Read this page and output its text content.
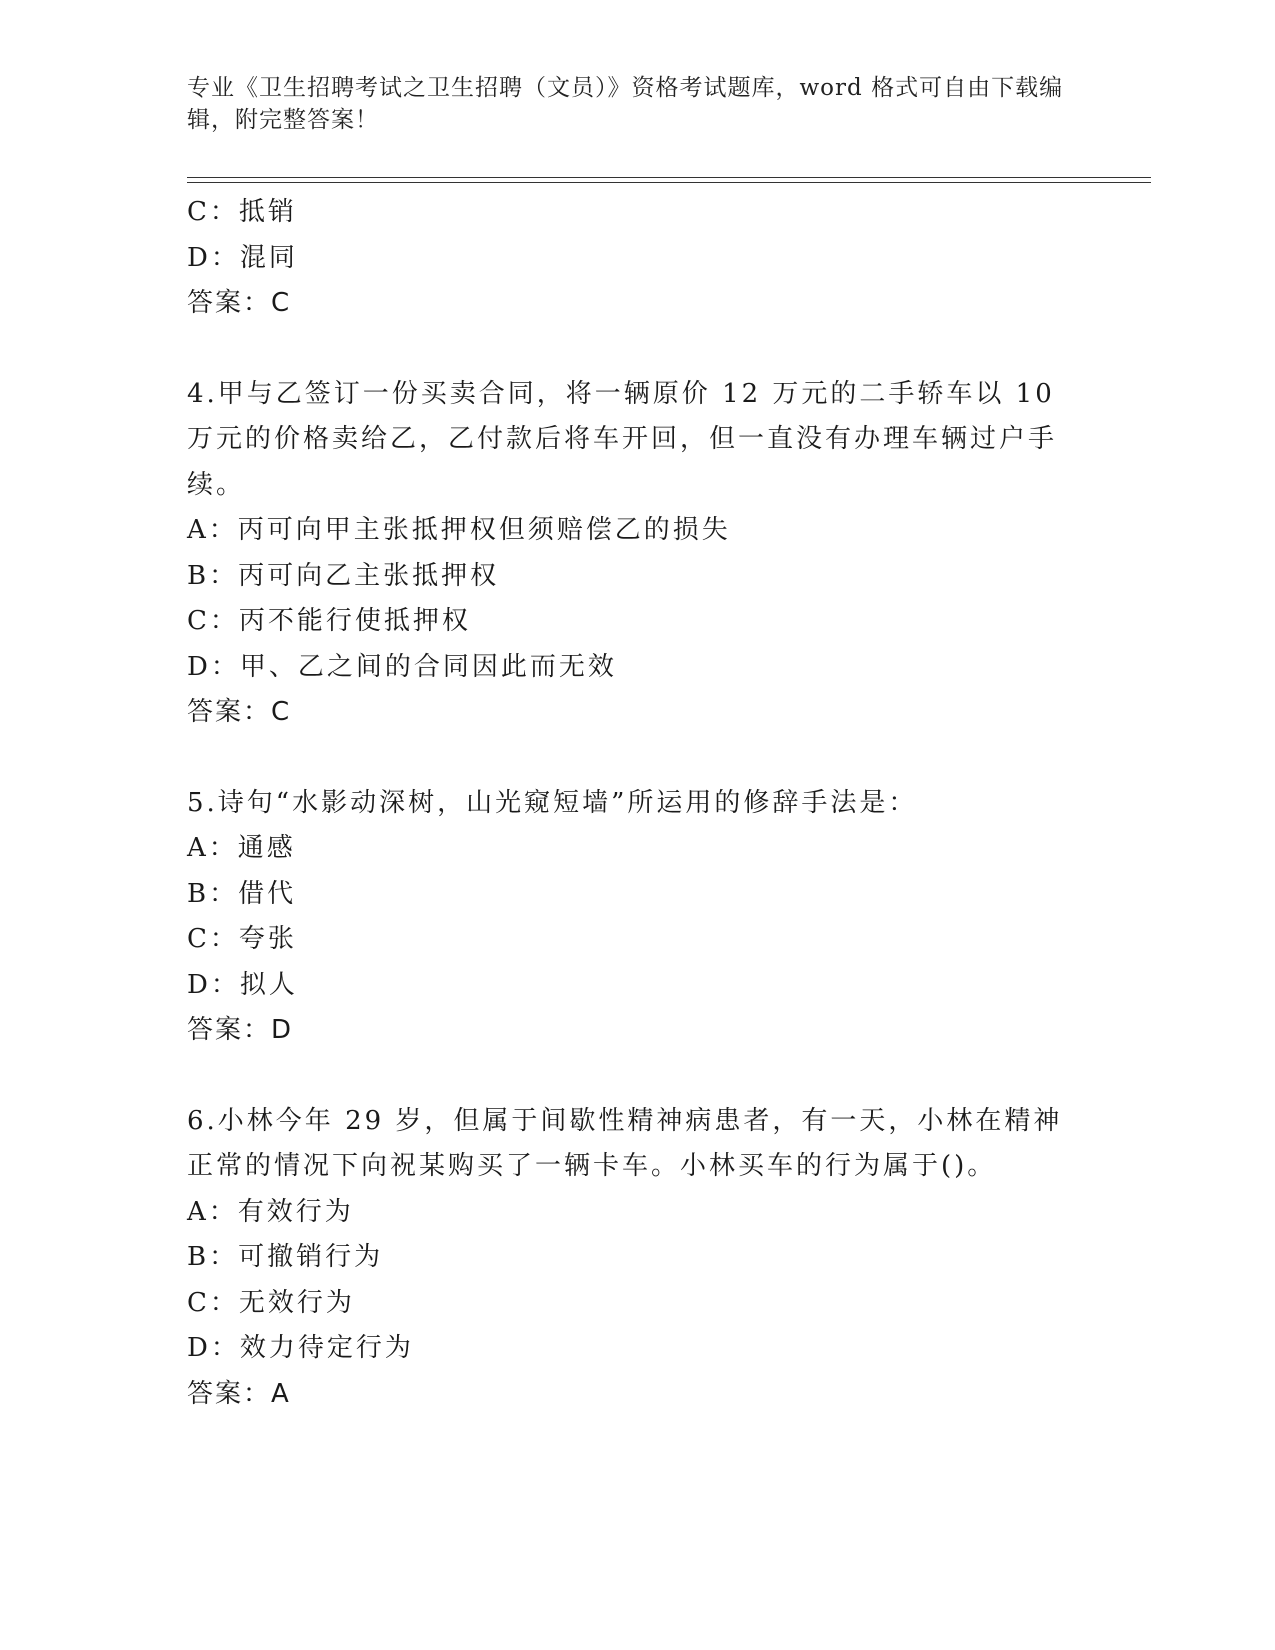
专业《卫生招聘考试之卫生招聘（文员）》资格考试题库，word 格式可自由下载编辑，附完整答案！
C：抵销
D：混同
答案：C
4.甲与乙签订一份买卖合同，将一辆原价 12 万元的二手轿车以 10 万元的价格卖给乙，乙付款后将车开回，但一直没有办理车辆过户手续。
A：丙可向甲主张抵押权但须赔偿乙的损失
B：丙可向乙主张抵押权
C：丙不能行使抵押权
D：甲、乙之间的合同因此而无效
答案：C
5.诗句“水影动深树，山光窥短墙”所运用的修辞手法是：
A：通感
B：借代
C：夸张
D：拟人
答案：D
6.小林今年 29 岁，但属于间歇性精神病患者，有一天，小林在精神正常的情况下向祝某购买了一辆卡车。小林买车的行为属于()。
A：有效行为
B：可撤销行为
C：无效行为
D：效力待定行为
答案：A
